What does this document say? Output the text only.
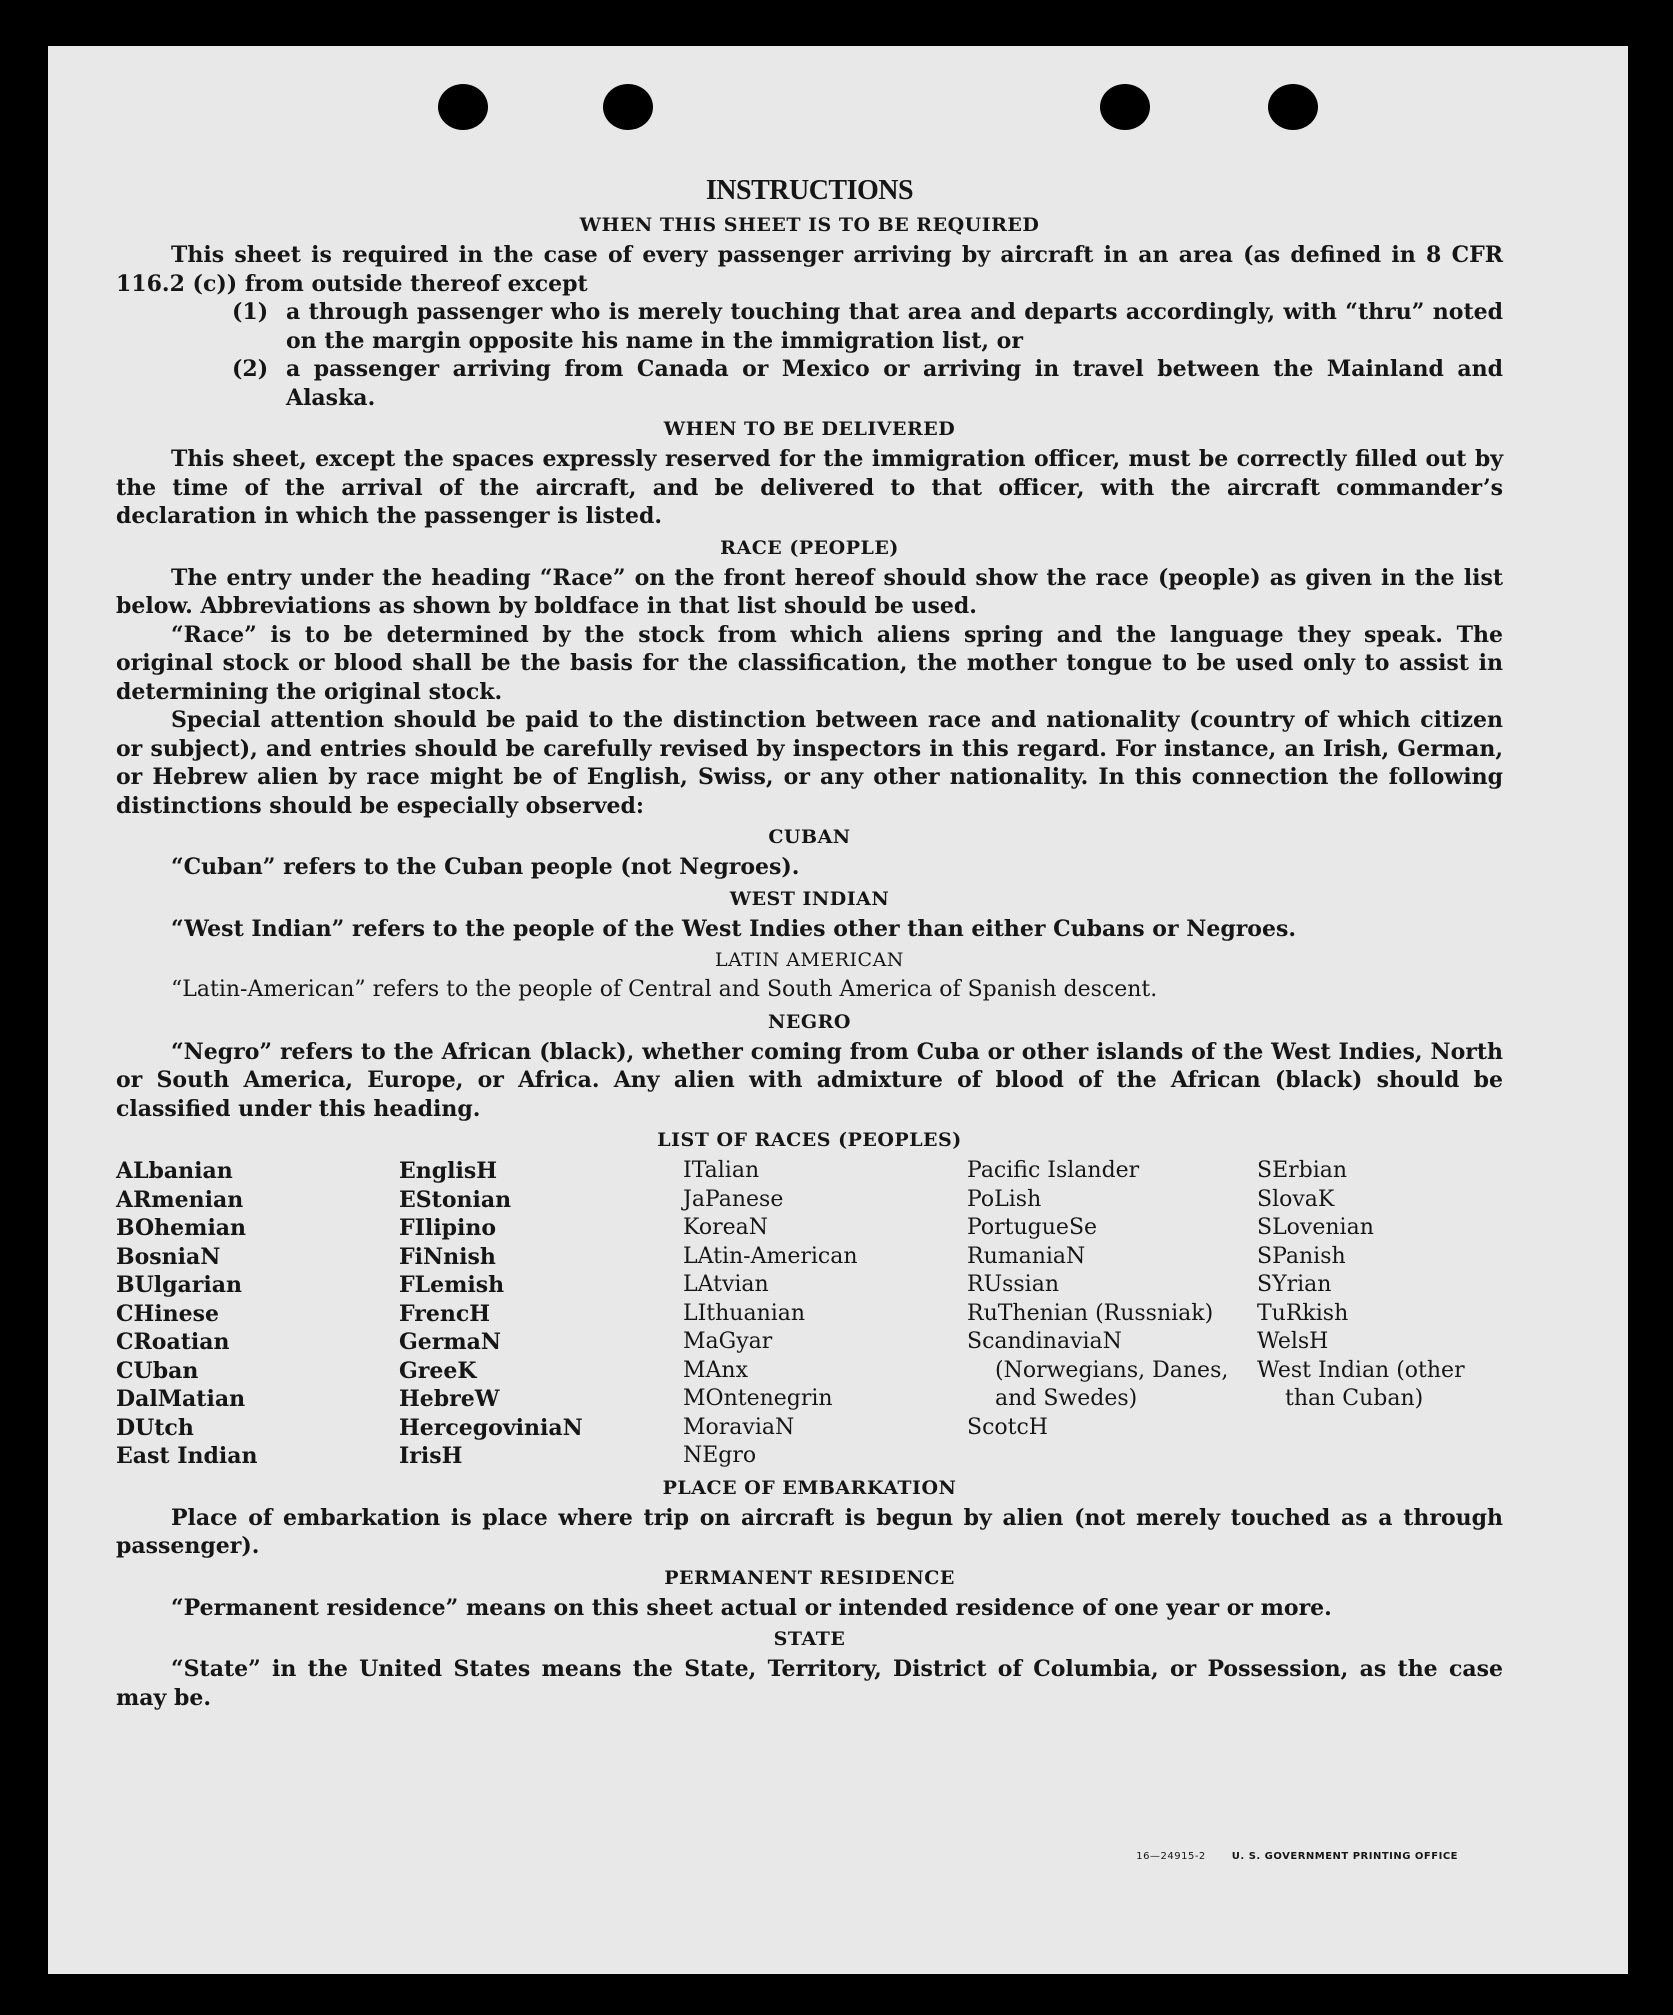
INSTRUCTIONS
WHEN THIS SHEET IS TO BE REQUIRED

This sheet is required in the case of every passenger arriving by aircraft in an area (as defined in 8 CFR 116.2 (c)) from outside thereof except

(1) a through passenger who is merely touching that area and departs accordingly, with “thru” noted on the margin opposite his name in the immigration list, or
(2) a passenger arriving from Canada or Mexico or arriving in travel between the Mainland and Alaska.
WHEN TO BE DELIVERED

This sheet, except the spaces expressly reserved for the immigration officer, must be correctly filled out by the time of the arrival of the aircraft, and be delivered to that officer, with the aircraft commander’s declaration in which the passenger is listed.

RACE (PEOPLE)

The entry under the heading “Race” on the front hereof should show the race (people) as given in the list below. Abbreviations as shown by boldface in that list should be used.

“Race” is to be determined by the stock from which aliens spring and the language they speak. The original stock or blood shall be the basis for the classification, the mother tongue to be used only to assist in determining the original stock.

Special attention should be paid to the distinction between race and nationality (country of which citizen or subject), and entries should be carefully revised by inspectors in this regard. For instance, an Irish, German, or Hebrew alien by race might be of English, Swiss, or any other nationality. In this connection the following distinctions should be especially observed:

CUBAN

“Cuban” refers to the Cuban people (not Negroes).

WEST INDIAN

“West Indian” refers to the people of the West Indies other than either Cubans or Negroes.

LATIN AMERICAN

“Latin-American” refers to the people of Central and South America of Spanish descent.

NEGRO

“Negro” refers to the African (black), whether coming from Cuba or other islands of the West Indies, North or South America, Europe, or Africa. Any alien with admixture of blood of the African (black) should be classified under this heading.

LIST OF RACES (PEOPLES)
ALbanian
ARmenian
BOhemian
BosniaN
BUlgarian
CHinese
CRoatian
CUban
DalMatian
DUtch
East Indian
EnglisH
EStonian
FIlipino
FiNnish
FLemish
FrencH
GermaN
GreeK
HebreW
HercegoviniaN
IrisH
ITalian
JaPanese
KoreaN
LAtin-American
LAtvian
LIthuanian
MaGyar
MAnx
MOntenegrin
MoraviaN
NEgro
Pacific Islander
PoLish
PortugueSe
RumaniaN
RUssian
RuThenian (Russniak)
ScandinaviaN (Norwegians, Danes, and Swedes)
ScotcH
SErbian
SlovaK
SLovenian
SPanish
SYrian
TuRkish
WelsH
West Indian (other than Cuban)
PLACE OF EMBARKATION

Place of embarkation is place where trip on aircraft is begun by alien (not merely touched as a through passenger).

PERMANENT RESIDENCE

“Permanent residence” means on this sheet actual or intended residence of one year or more.

STATE

“State” in the United States means the State, Territory, District of Columbia, or Possession, as the case may be.

16—24915-2	U. S. GOVERNMENT PRINTING OFFICE
